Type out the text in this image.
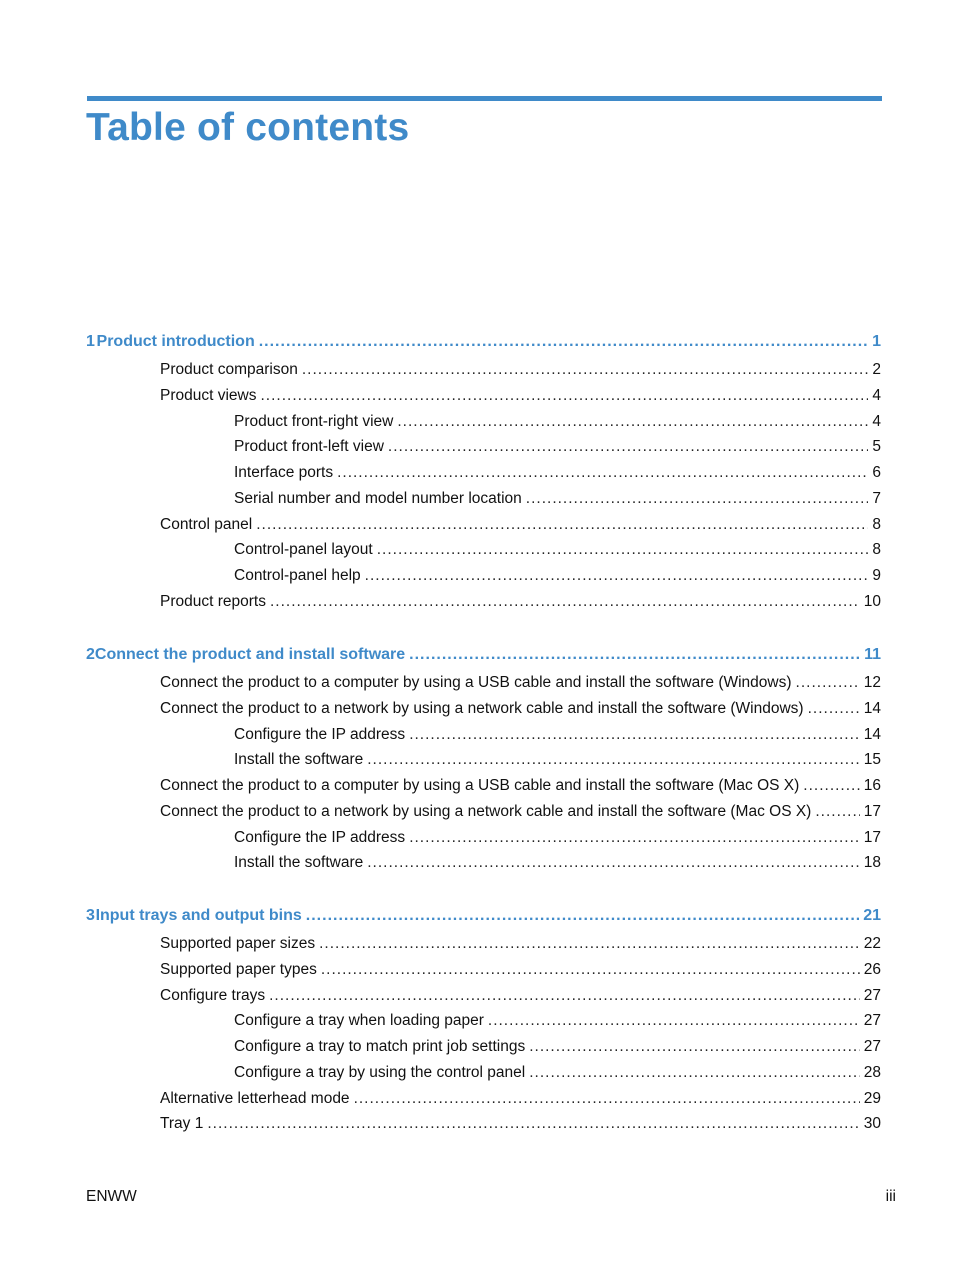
Table of contents
1 Product introduction .....	1
Product comparison .....	2
Product views .....	4
Product front-right view .....	4
Product front-left view .....	5
Interface ports .....	6
Serial number and model number location .....	7
Control panel .....	8
Control-panel layout .....	8
Control-panel help .....	9
Product reports .....	10
2 Connect the product and install software .....	11
Connect the product to a computer by using a USB cable and install the software (Windows) .....	12
Connect the product to a network by using a network cable and install the software (Windows) .....	14
Configure the IP address .....	14
Install the software .....	15
Connect the product to a computer by using a USB cable and install the software (Mac OS X) .....	16
Connect the product to a network by using a network cable and install the software (Mac OS X) .....	17
Configure the IP address .....	17
Install the software .....	18
3 Input trays and output bins .....	21
Supported paper sizes .....	22
Supported paper types .....	26
Configure trays .....	27
Configure a tray when loading paper .....	27
Configure a tray to match print job settings .....	27
Configure a tray by using the control panel .....	28
Alternative letterhead mode .....	29
Tray 1 .....	30
ENWW	iii
